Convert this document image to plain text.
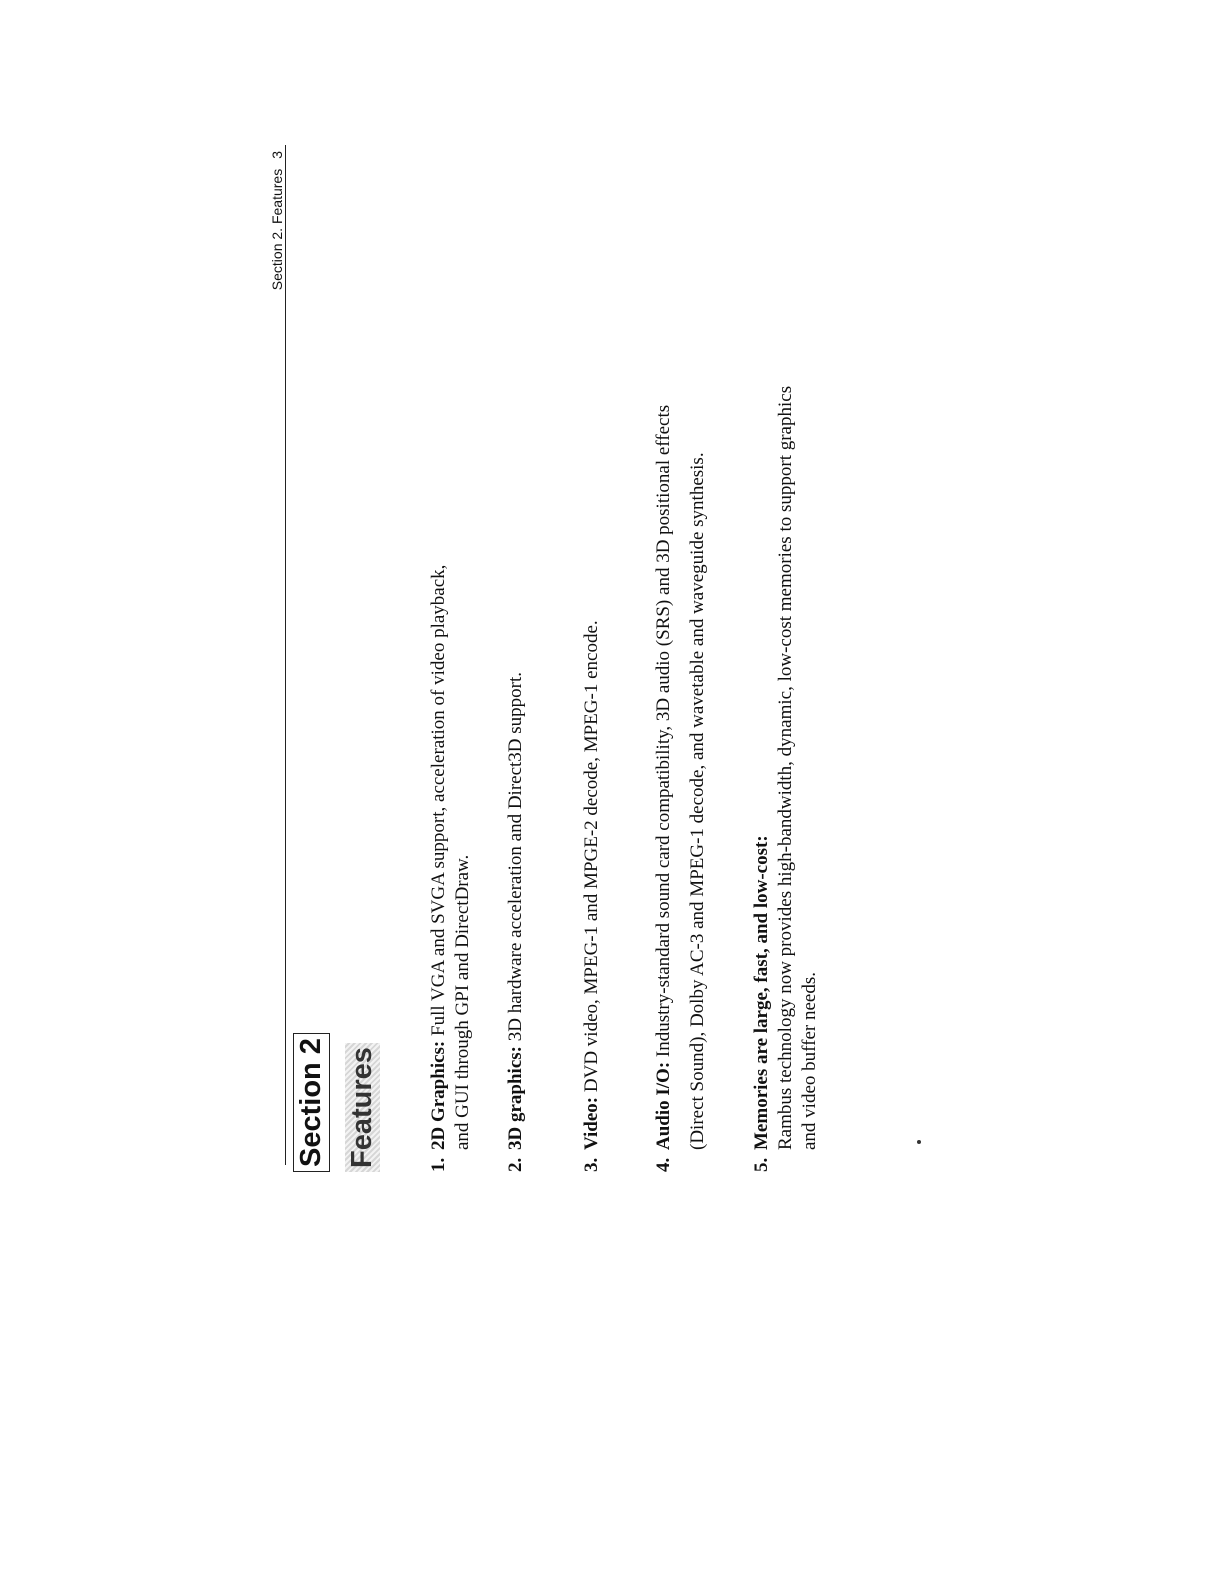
Section 2. Features3
Section 2 Features	1.
2D Graphics: Full VGA and SVGA support, acceleration of video playback, and GUI through GPI and DirectDraw.
2.
3D graphics: 3D hardware acceleration and Direct3D support.
3.
Video: DVD video, MPEG-1 and MPGE-2 decode, MPEG-1 encode.
4.
Audio I/O: Industry-standard sound card compatibility, 3D audio (SRS) and 3D positional effects (Direct Sound), Dolby AC-3 and MPEG-1 decode, and wavetable and waveguide synthesis.
5.
Memories are large, fast, and low-cost: Rambus technology now provides high-bandwidth, dynamic, low-cost memories to support graphics and video buffer needs.
